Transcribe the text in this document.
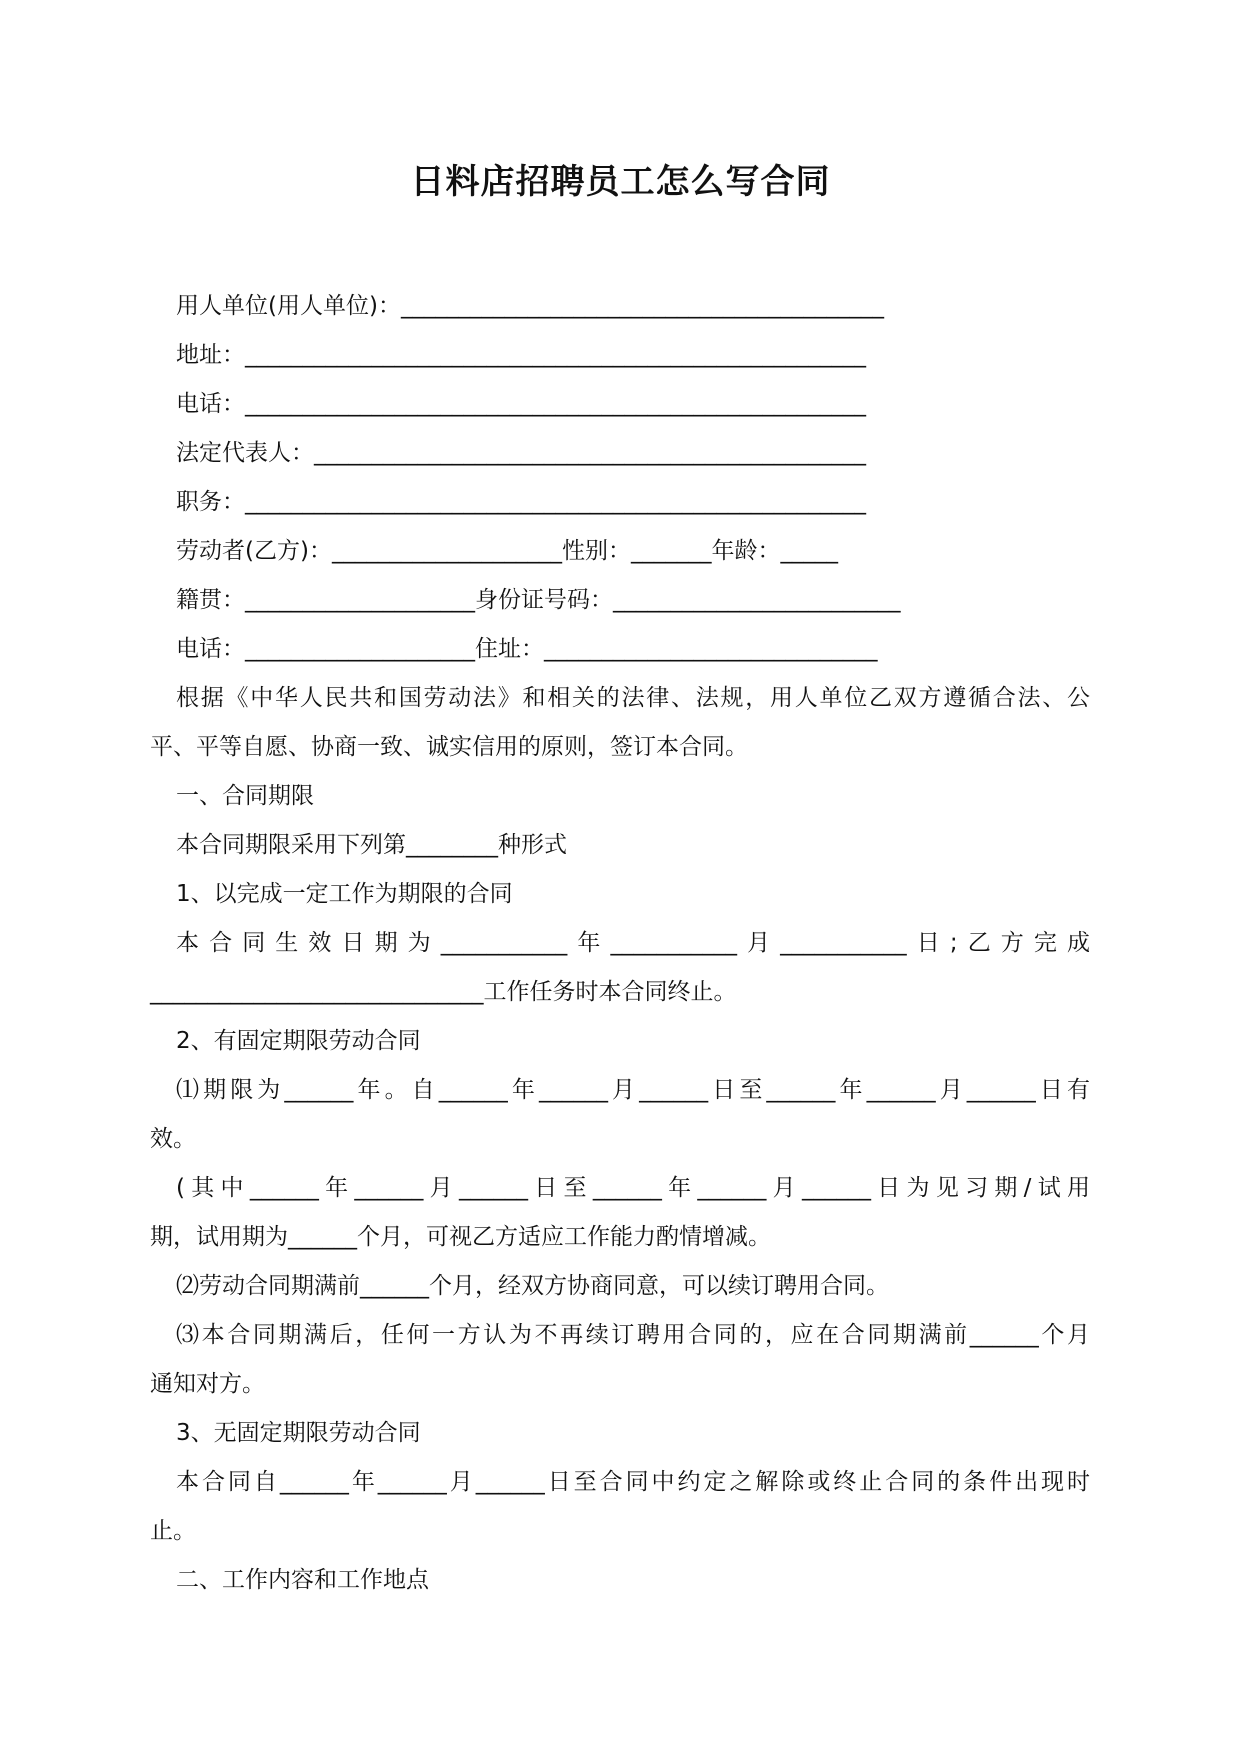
日料店招聘员工怎么写合同

用人单位(用人单位)：__________________________________________

地址：______________________________________________________

电话：______________________________________________________

法定代表人：________________________________________________

职务：______________________________________________________

劳动者(乙方)：____________________性别：_______年龄：_____

籍贯：____________________身份证号码：_________________________

电话：____________________住址：_____________________________

根据《中华人民共和国劳动法》和相关的法律、法规，用人单位乙双方遵循合法、公

平、平等自愿、协商一致、诚实信用的原则，签订本合同。

一、合同期限

本合同期限采用下列第________种形式

1、以完成一定工作为期限的合同

本合同生效日期为___________年___________月___________日;乙方完成

_____________________________工作任务时本合同终止。

2、有固定期限劳动合同

⑴期限为______年。自______年______月______日至______年______月______日有

效。

(其中______年______月______日至______年______月______日为见习期/试用

期，试用期为______个月，可视乙方适应工作能力酌情增减。

⑵劳动合同期满前______个月，经双方协商同意，可以续订聘用合同。

⑶本合同期满后，任何一方认为不再续订聘用合同的，应在合同期满前______个月

通知对方。

3、无固定期限劳动合同

本合同自______年______月______日至合同中约定之解除或终止合同的条件出现时

止。

二、工作内容和工作地点
